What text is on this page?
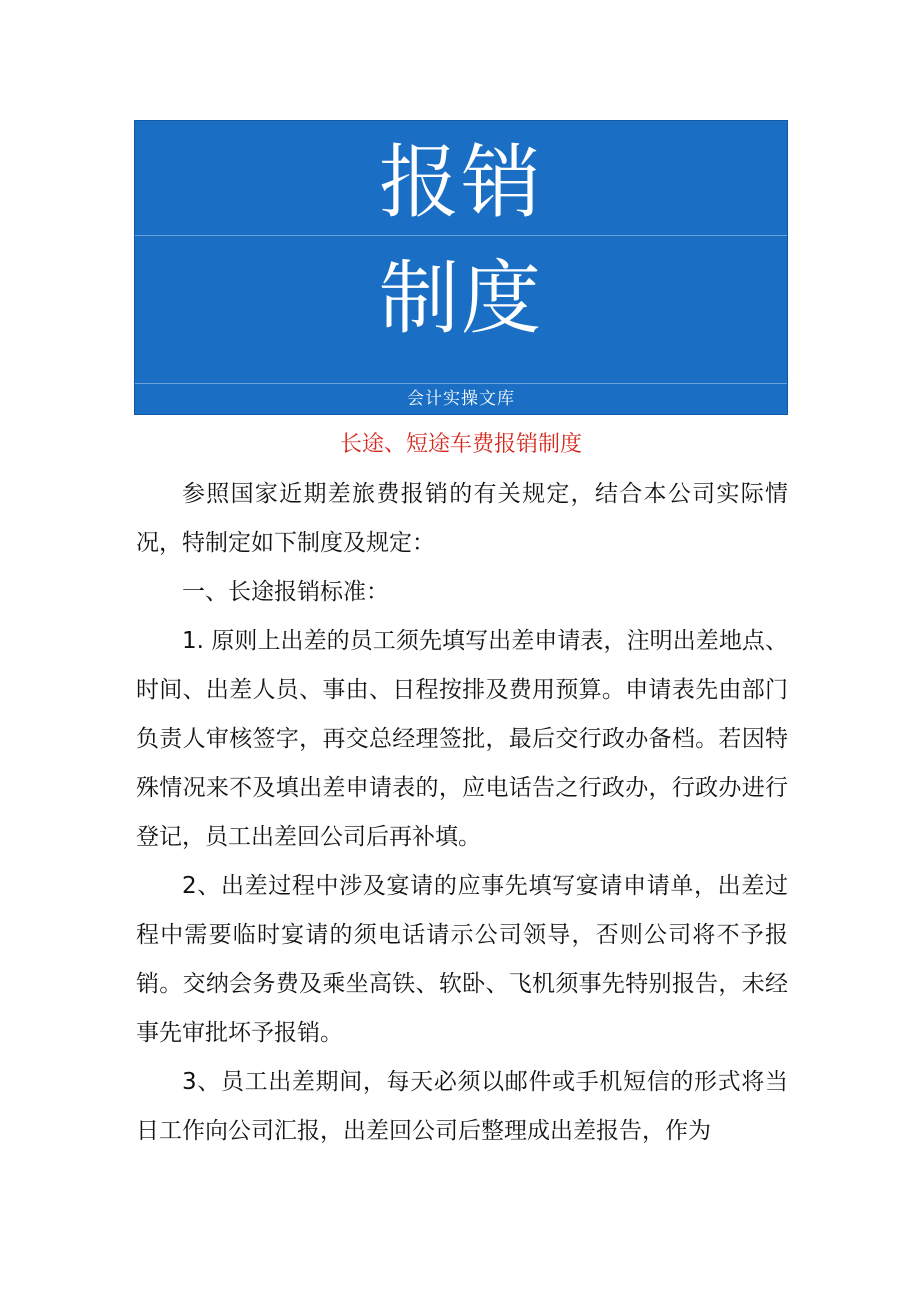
报销
制度
会计实操文库
长途、短途车费报销制度

参照国家近期差旅费报销的有关规定，结合本公司实际情况，特制定如下制度及规定：

一、长途报销标准：

1. 原则上出差的员工须先填写出差申请表，注明出差地点、时间、出差人员、事由、日程按排及费用预算。申请表先由部门负责人审核签字，再交总经理签批，最后交行政办备档。若因特殊情况来不及填出差申请表的，应电话告之行政办，行政办进行登记，员工出差回公司后再补填。

2、出差过程中涉及宴请的应事先填写宴请申请单，出差过程中需要临时宴请的须电话请示公司领导，否则公司将不予报销。交纳会务费及乘坐高铁、软卧、飞机须事先特别报告，未经事先审批坏予报销。

3、员工出差期间，每天必须以邮件或手机短信的形式将当日工作向公司汇报，出差回公司后整理成出差报告，作为
